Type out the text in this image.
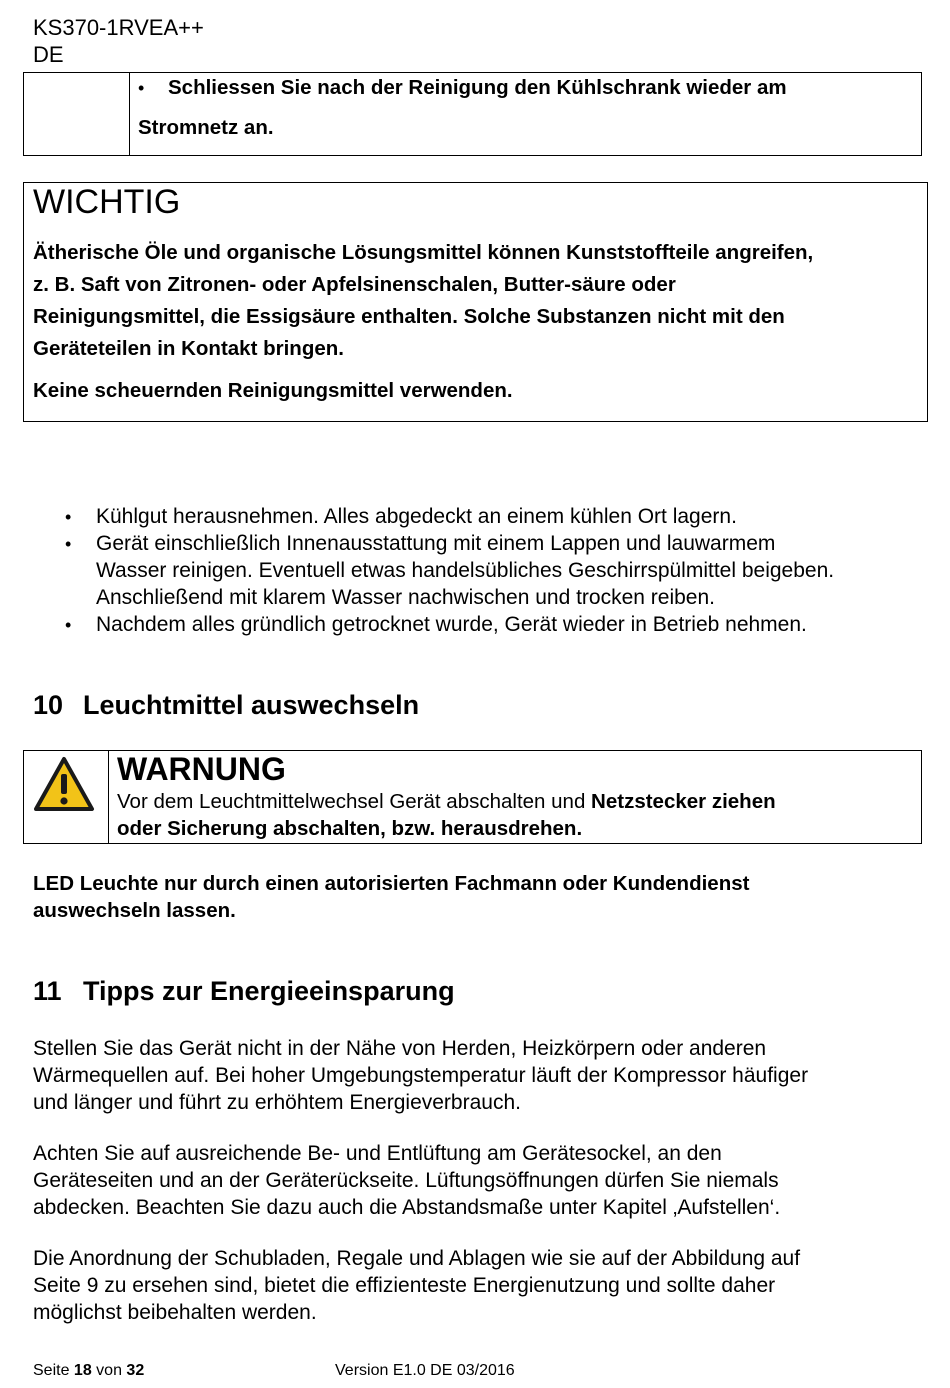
KS370-1RVEA++
DE
• Schliessen Sie nach der Reinigung den Kühlschrank wieder am
Stromnetz an.
WICHTIG
Ätherische Öle und organische Lösungsmittel können Kunststoffteile angreifen,
z. B. Saft von Zitronen- oder Apfelsinenschalen, Butter-säure oder
Reinigungsmittel, die Essigsäure enthalten. Solche Substanzen nicht mit den
Geräteteilen in Kontakt bringen.
Keine scheuernden Reinigungsmittel verwenden.
• Kühlgut herausnehmen. Alles abgedeckt an einem kühlen Ort lagern.
• Gerät einschließlich Innenausstattung mit einem Lappen und lauwarmem
Wasser reinigen. Eventuell etwas handelsübliches Geschirrspülmittel beigeben.
Anschließend mit klarem Wasser nachwischen und trocken reiben.
• Nachdem alles gründlich getrocknet wurde, Gerät wieder in Betrieb nehmen.
10 Leuchtmittel auswechseln
WARNUNG
Vor dem Leuchtmittelwechsel Gerät abschalten und Netzstecker ziehen
oder Sicherung abschalten, bzw. herausdrehen.
LED Leuchte nur durch einen autorisierten Fachmann oder Kundendienst
auswechseln lassen.
11 Tipps zur Energieeinsparung
Stellen Sie das Gerät nicht in der Nähe von Herden, Heizkörpern oder anderen
Wärmequellen auf. Bei hoher Umgebungstemperatur läuft der Kompressor häufiger
und länger und führt zu erhöhtem Energieverbrauch.
Achten Sie auf ausreichende Be- und Entlüftung am Gerätesockel, an den
Geräteseiten und an der Geräterückseite. Lüftungsöffnungen dürfen Sie niemals
abdecken. Beachten Sie dazu auch die Abstandsmaße unter Kapitel ‚Aufstellen‘.
Die Anordnung der Schubladen, Regale und Ablagen wie sie auf der Abbildung auf
Seite 9 zu ersehen sind, bietet die effizienteste Energienutzung und sollte daher
möglichst beibehalten werden.
Seite 18 von 32	Version E1.0 DE 03/2016
